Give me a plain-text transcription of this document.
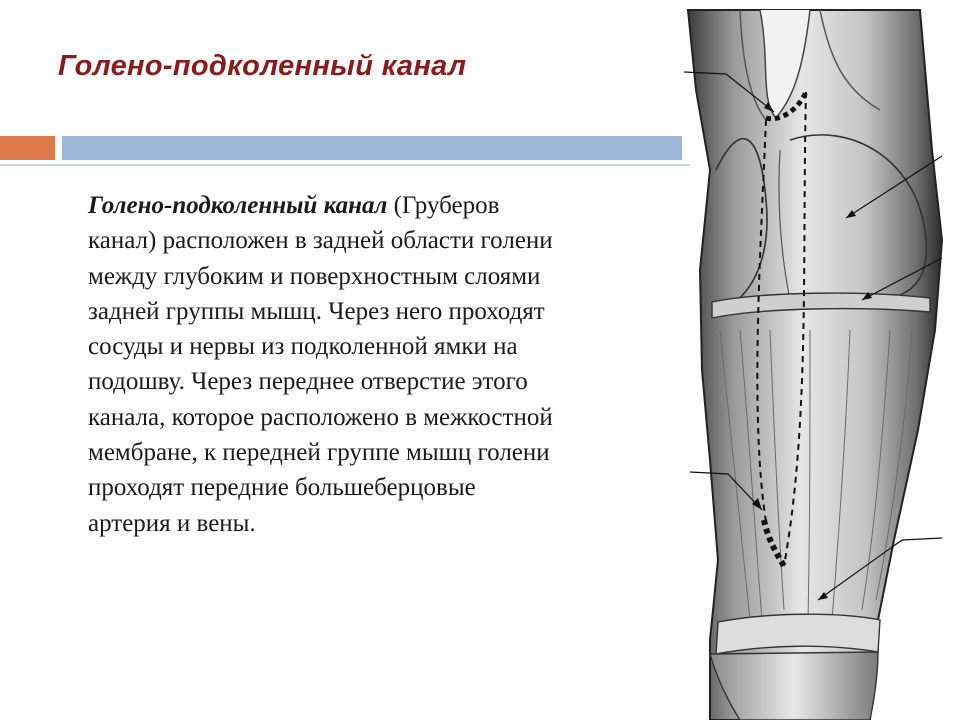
Голено-подколенный канал
Голено-подколенный канал (Груберов канал) расположен в задней области голени между глубоким и поверхностным слоями задней группы мышц. Через него проходят сосуды и нервы из подколенной ямки на подошву. Через переднее отверстие этого канала, которое расположено в межкостной мембране, к передней группе мышц голени проходят передние большеберцовые артерия и вены.
